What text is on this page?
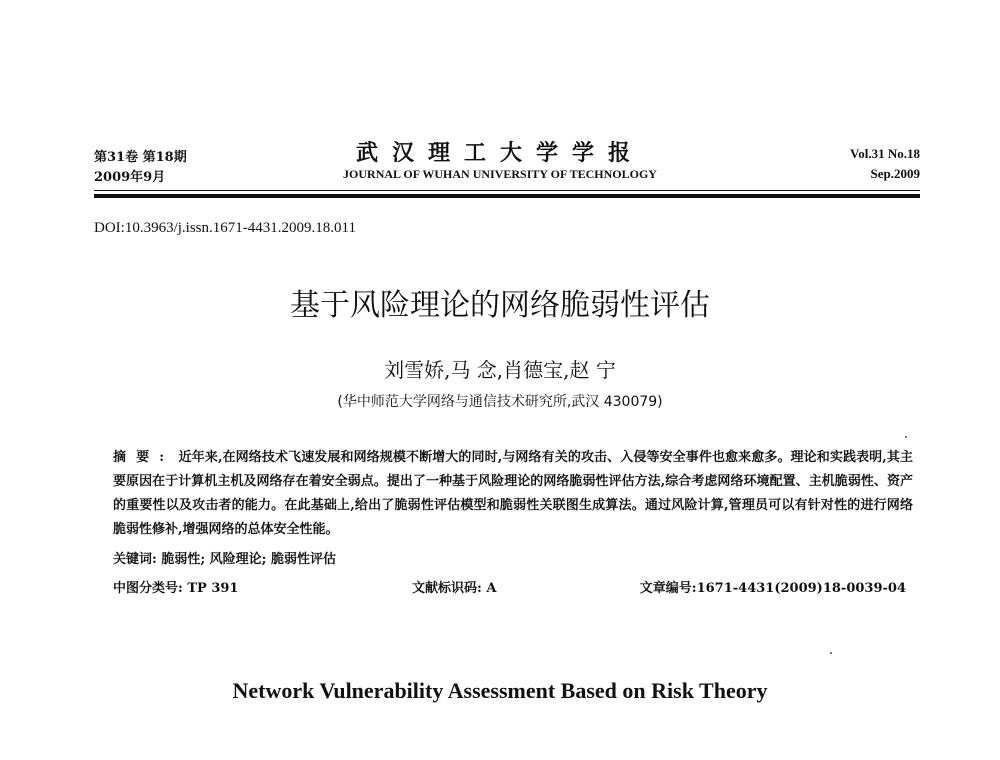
第31卷 第18期
2009年9月
武汉理工大学学报
JOURNAL OF WUHAN UNIVERSITY OF TECHNOLOGY
Vol.31 No.18
Sep.2009
DOI:10.3963/j.issn.1671-4431.2009.18.011
基于风险理论的网络脆弱性评估
刘雪娇,马 念,肖德宝,赵 宁
(华中师范大学网络与通信技术研究所,武汉 430079)
摘要: 近年来,在网络技术飞速发展和网络规模不断增大的同时,与网络有关的攻击、入侵等安全事件也愈来愈多。理论和实践表明,其主要原因在于计算机主机及网络存在着安全弱点。提出了一种基于风险理论的网络脆弱性评估方法,综合考虑网络环境配置、主机脆弱性、资产的重要性以及攻击者的能力。在此基础上,给出了脆弱性评估模型和脆弱性关联图生成算法。通过风险计算,管理员可以有针对性的进行网络脆弱性修补,增强网络的总体安全性能。
关键词: 脆弱性; 风险理论; 脆弱性评估
中图分类号: TP 391	文献标识码: A	文章编号:1671-4431(2009)18-0039-04
Network Vulnerability Assessment Based on Risk Theory
